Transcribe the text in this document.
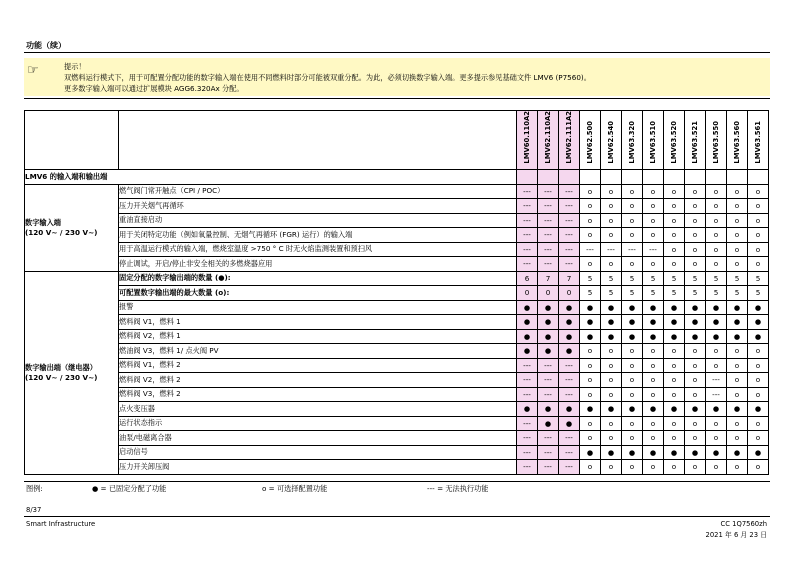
功能（续）
☞	提示！
双燃料运行模式下，用于可配置分配功能的数字输入端在使用不同燃料时部分可能被双重分配。为此，必须切换数字输入端。更多提示参见基础文件 LMV6 (P7560)。
更多数字输入端可以通过扩展模块 AGG6.320Ax 分配。
		LMV60.110A2	LMV62.110A2	LMV62.111A2	LMV62.500	LMV62.540	LMV63.320	LMV63.510	LMV63.520	LMV63.521	LMV63.550	LMV63.560	LMV63.561
LMV6 的输入端和输出端													

数字输入端
(120 V~ / 230 V~)	燃气阀门常开触点（CPI / POC）	---	---	---	o	o	o	o	o	o	o	o	o
	压力开关烟气再循环	---	---	---	o	o	o	o	o	o	o	o	o
	重油直接启动	---	---	---	o	o	o	o	o	o	o	o	o
	用于关闭特定功能（例如氧量控制、无烟气再循环 (FGR) 运行）的输入端	---	---	---	o	o	o	o	o	o	o	o	o
	用于高温运行模式的输入端，燃烧室温度 >750 ° C 时无火焰监测装置和预扫风	---	---	---	---	---	---	---	o	o	o	o	o
	停止调试，开启/停止非安全相关的多燃烧器应用	---	---	---	o	o	o	o	o	o	o	o	o

数字输出端（继电器）
(120 V~ / 230 V~)	固定分配的数字输出端的数量 (●):	6	7	7	5	5	5	5	5	5	5	5	5
	可配置数字输出端的最大数量 (o):	0	0	0	5	5	5	5	5	5	5	5	5
	报警	●	●	●	●	●	●	●	●	●	●	●	●
	燃料阀 V1，燃料 1	●	●	●	●	●	●	●	●	●	●	●	●
	燃料阀 V2，燃料 1	●	●	●	●	●	●	●	●	●	●	●	●
	燃油阀 V3，燃料 1/ 点火阀 PV	●	●	●	o	o	o	o	o	o	o	o	o
	燃料阀 V1，燃料 2	---	---	---	o	o	o	o	o	o	o	o	o
	燃料阀 V2，燃料 2	---	---	---	o	o	o	o	o	o	---	o	o
	燃料阀 V3，燃料 2	---	---	---	o	o	o	o	o	o	---	o	o
	点火变压器	●	●	●	●	●	●	●	●	●	●	●	●
	运行状态指示	---	●	●	o	o	o	o	o	o	o	o	o
	油泵/电磁离合器	---	---	---	o	o	o	o	o	o	o	o	o
	启动信号	---	---	---	●	●	●	●	●	●	●	●	●
	压力开关卸压阀	---	---	---	o	o	o	o	o	o	o	o	o
图例:	● = 已固定分配了功能	o = 可选择配置功能	--- = 无法执行功能
8/37
Smart Infrastructure	CC 1Q7560zh
2021 年 6 月 23 日
